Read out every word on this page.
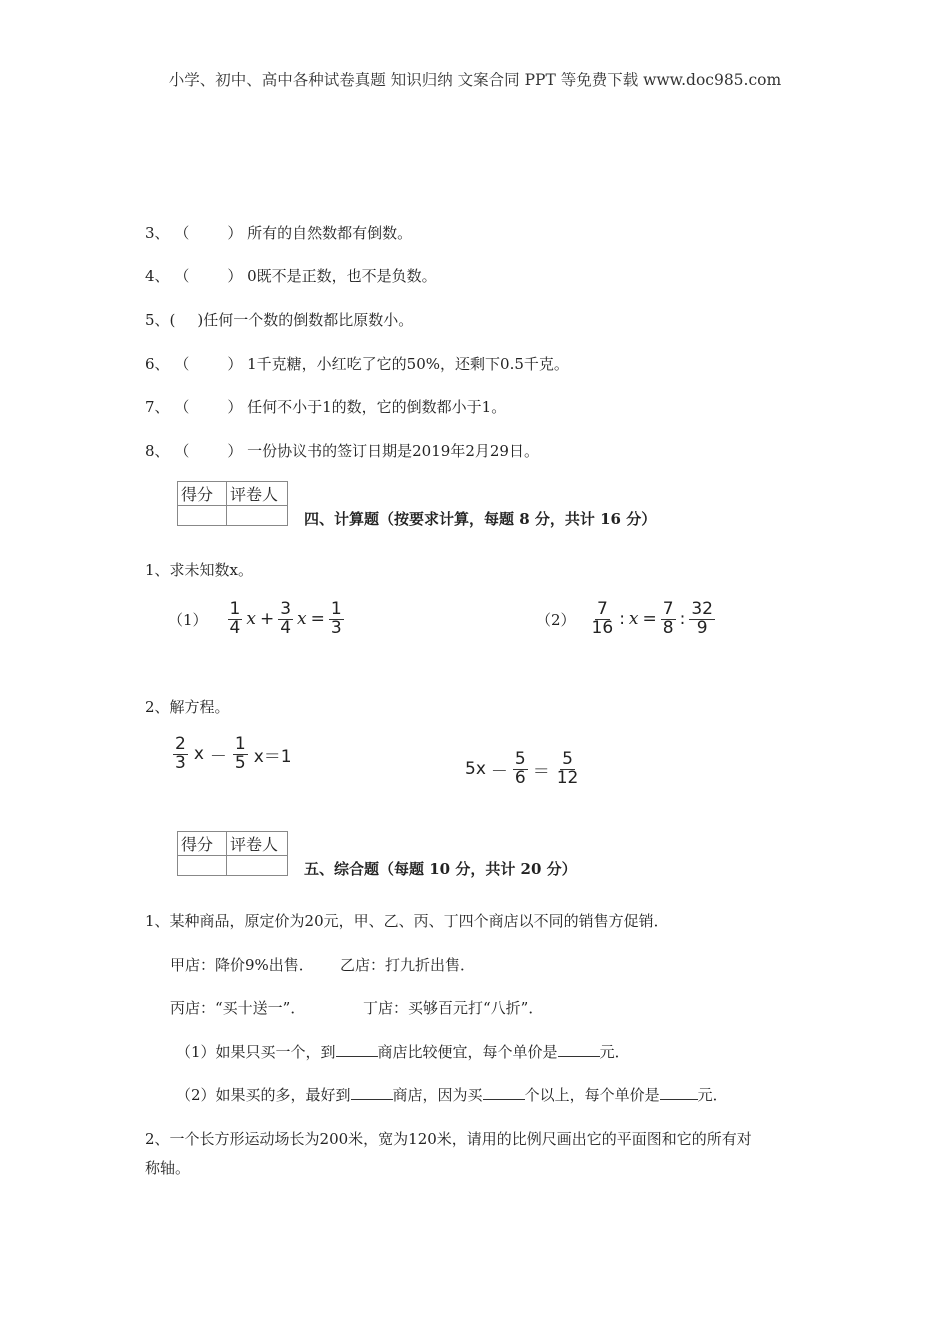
小学、初中、高中各种试卷真题 知识归纳 文案合同 PPT 等免费下载 www.doc985.com
3、 （	） 所有的自然数都有倒数。
4、 （	） 0既不是正数，也不是负数。
5、( )任何一个数的倒数都比原数小。
6、 （	） 1千克糖，小红吃了它的50%，还剩下0.5千克。
7、 （	） 任何不小于1的数，它的倒数都小于1。
8、 （	） 一份协议书的签订日期是2019年2月29日。
得分	评卷人

四、计算题（按要求计算，每题 8 分，共计 16 分）
1、求未知数x。
$(1) \frac{1}{4}$ $x + \frac{3}{4}$ $x = \frac{1}{3}$	$(2) \frac{7}{16}$ : $x = \frac{7}{8}$ : $\frac{32}{9}$
2、解方程。
$\frac{2}{3}$ $x - \frac{1}{5} x=1$
$5x - \frac{5}{6} = \frac{5}{12}$
得分	评卷人

五、综合题（每题 10 分，共计 20 分）
1、某种商品，原定价为20元，甲、乙、丙、丁四个商店以不同的销售方促销．
甲店：降价9%出售． 乙店：打九折出售．
丙店：“买十送一”．	丁店：买够百元打“八折”．
（1）如果只买一个，到	商店比较便宜，每个单价是	元．
（2）如果买的多，最好到	商店，因为买	个以上，每个单价是	元．
2、一个长方形运动场长为200米，宽为120米，请用的比例尺画出它的平面图和它的所有对
称轴。
